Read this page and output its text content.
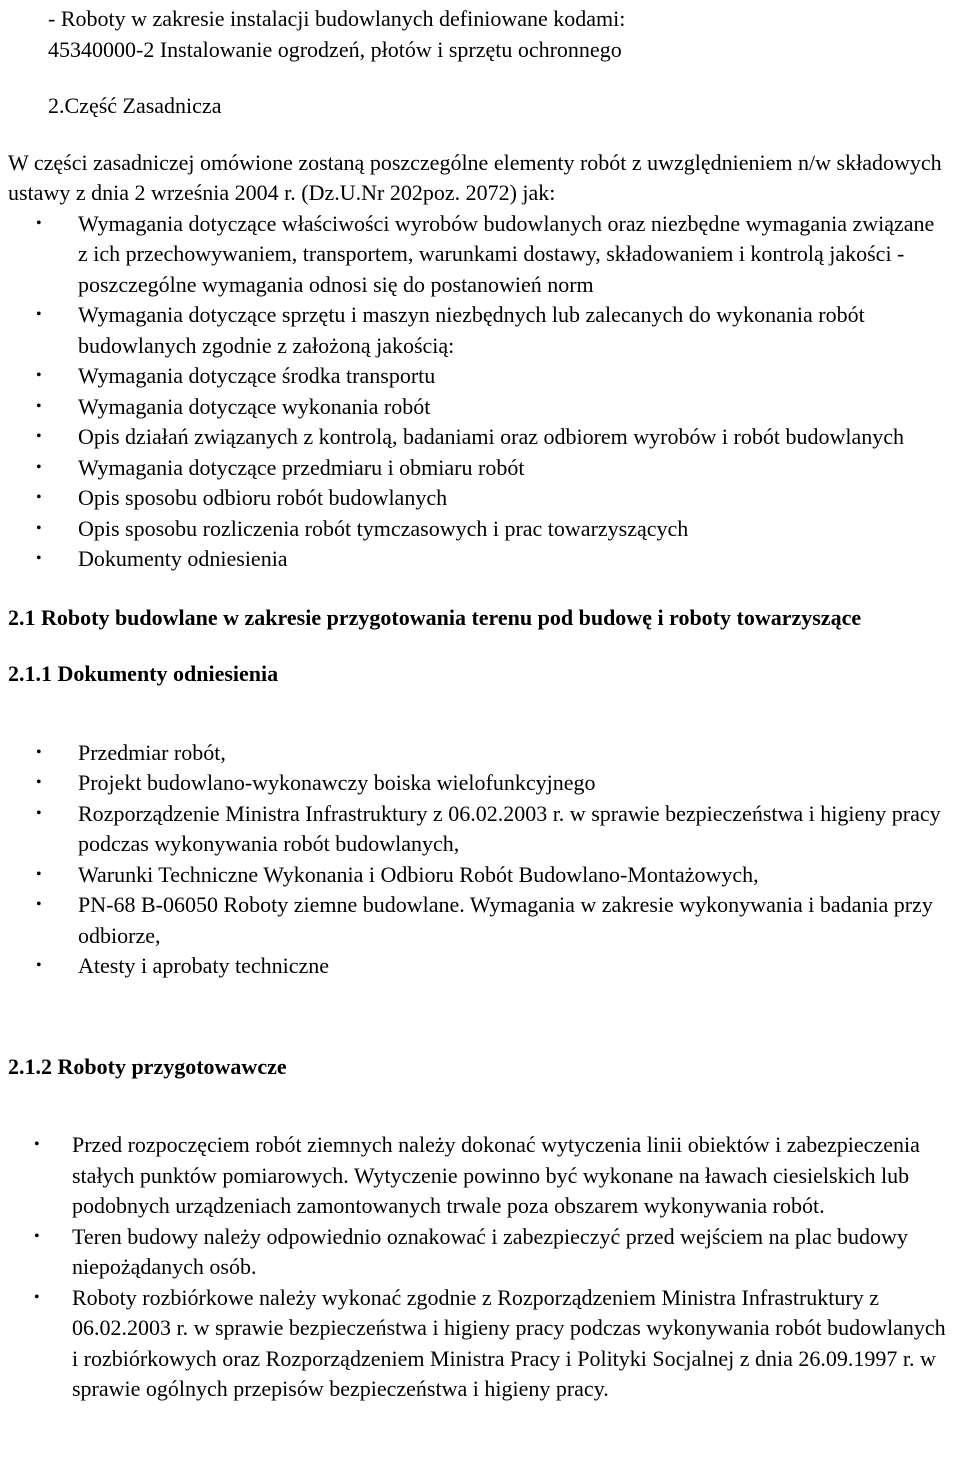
- Roboty w zakresie instalacji budowlanych definiowane kodami:

45340000-2 Instalowanie ogrodzeń, płotów i sprzętu ochronnego

2.Część Zasadnicza

W części zasadniczej omówione zostaną poszczególne elementy robót z uwzględnieniem n/w składowych ustawy z dnia 2 września 2004 r. (Dz.U.Nr 202poz. 2072) jak:

• Wymagania dotyczące właściwości wyrobów budowlanych oraz niezbędne wymagania związane z ich przechowywaniem, transportem, warunkami dostawy, składowaniem i kontrolą jakości - poszczególne wymagania odnosi się do postanowień norm
• Wymagania dotyczące sprzętu i maszyn niezbędnych lub zalecanych do wykonania robót budowlanych zgodnie z założoną jakością:
• Wymagania dotyczące środka transportu
• Wymagania dotyczące wykonania robót
• Opis działań związanych z kontrolą, badaniami oraz odbiorem wyrobów i robót budowlanych
• Wymagania dotyczące przedmiaru i obmiaru robót
• Opis sposobu odbioru robót budowlanych
• Opis sposobu rozliczenia robót tymczasowych i prac towarzyszących
• Dokumenty odniesienia

2.1 Roboty budowlane w zakresie przygotowania terenu pod budowę i roboty towarzyszące

2.1.1 Dokumenty odniesienia

• Przedmiar robót,
• Projekt budowlano-wykonawczy boiska wielofunkcyjnego
• Rozporządzenie Ministra Infrastruktury z 06.02.2003 r. w sprawie bezpieczeństwa i higieny pracy podczas wykonywania robót budowlanych,
• Warunki Techniczne Wykonania i Odbioru Robót Budowlano-Montażowych,
• PN-68 B-06050 Roboty ziemne budowlane. Wymagania w zakresie wykonywania i badania przy odbiorze,
• Atesty i aprobaty techniczne

2.1.2 Roboty przygotowawcze

• Przed rozpoczęciem robót ziemnych należy dokonać wytyczenia linii obiektów i zabezpieczenia stałych punktów pomiarowych. Wytyczenie powinno być wykonane na ławach ciesielskich lub podobnych urządzeniach zamontowanych trwale poza obszarem wykonywania robót.
• Teren budowy należy odpowiednio oznakować i zabezpieczyć przed wejściem na plac budowy niepożądanych osób.
• Roboty rozbiórkowe należy wykonać zgodnie z Rozporządzeniem Ministra Infrastruktury z 06.02.2003 r. w sprawie bezpieczeństwa i higieny pracy podczas wykonywania robót budowlanych i rozbiórkowych oraz Rozporządzeniem Ministra Pracy i Polityki Socjalnej z dnia 26.09.1997 r. w sprawie ogólnych przepisów bezpieczeństwa i higieny pracy.
